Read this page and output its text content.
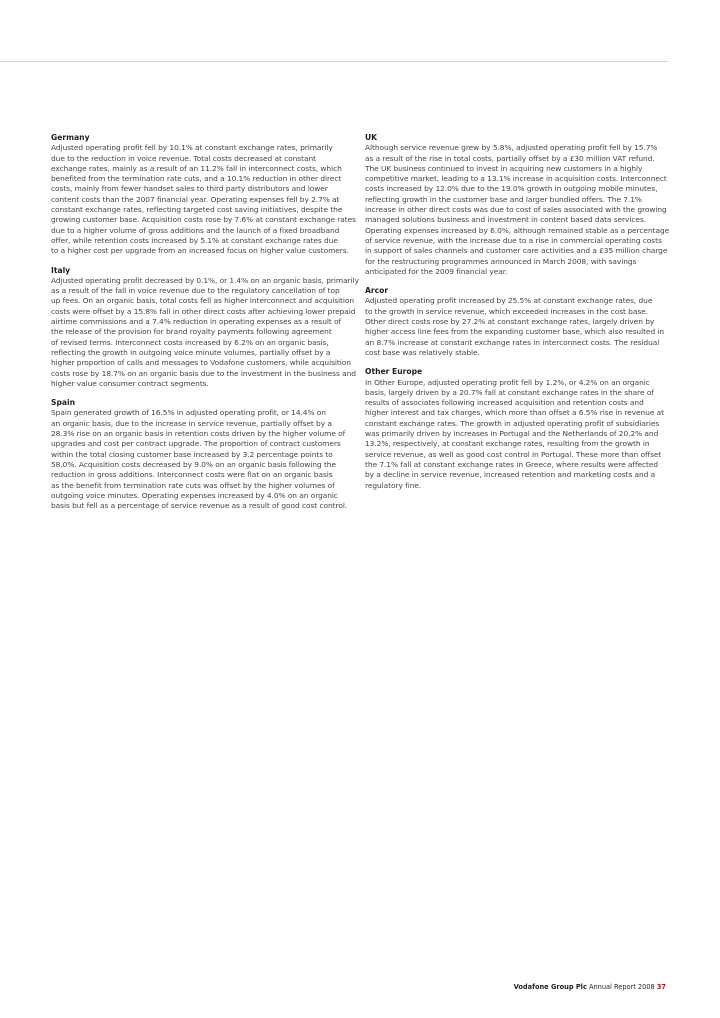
Germany
Adjusted operating profit fell by 10.1% at constant exchange rates, primarily
due to the reduction in voice revenue. Total costs decreased at constant
exchange rates, mainly as a result of an 11.2% fall in interconnect costs, which
benefited from the termination rate cuts, and a 10.1% reduction in other direct
costs, mainly from fewer handset sales to third party distributors and lower
content costs than the 2007 financial year. Operating expenses fell by 2.7% at
constant exchange rates, reflecting targeted cost saving initiatives, despite the
growing customer base. Acquisition costs rose by 7.6% at constant exchange rates
due to a higher volume of gross additions and the launch of a fixed broadband
offer, while retention costs increased by 5.1% at constant exchange rates due
to a higher cost per upgrade from an increased focus on higher value customers.
Italy
Adjusted operating profit decreased by 0.1%, or 1.4% on an organic basis, primarily
as a result of the fall in voice revenue due to the regulatory cancellation of top
up fees. On an organic basis, total costs fell as higher interconnect and acquisition
costs were offset by a 15.8% fall in other direct costs after achieving lower prepaid
airtime commissions and a 7.4% reduction in operating expenses as a result of
the release of the provision for brand royalty payments following agreement
of revised terms. Interconnect costs increased by 6.2% on an organic basis,
reflecting the growth in outgoing voice minute volumes, partially offset by a
higher proportion of calls and messages to Vodafone customers, while acquisition
costs rose by 18.7% on an organic basis due to the investment in the business and
higher value consumer contract segments.
Spain
Spain generated growth of 16.5% in adjusted operating profit, or 14.4% on
an organic basis, due to the increase in service revenue, partially offset by a
28.3% rise on an organic basis in retention costs driven by the higher volume of
upgrades and cost per contract upgrade. The proportion of contract customers
within the total closing customer base increased by 3.2 percentage points to
58.0%. Acquisition costs decreased by 9.0% on an organic basis following the
reduction in gross additions. Interconnect costs were flat on an organic basis
as the benefit from termination rate cuts was offset by the higher volumes of
outgoing voice minutes. Operating expenses increased by 4.0% on an organic
basis but fell as a percentage of service revenue as a result of good cost control.
UK
Although service revenue grew by 5.8%, adjusted operating profit fell by 15.7%
as a result of the rise in total costs, partially offset by a £30 million VAT refund.
The UK business continued to invest in acquiring new customers in a highly
competitive market, leading to a 13.1% increase in acquisition costs. Interconnect
costs increased by 12.0% due to the 19.0% growth in outgoing mobile minutes,
reflecting growth in the customer base and larger bundled offers. The 7.1%
increase in other direct costs was due to cost of sales associated with the growing
managed solutions business and investment in content based data services.
Operating expenses increased by 6.0%, although remained stable as a percentage
of service revenue, with the increase due to a rise in commercial operating costs
in support of sales channels and customer care activities and a £35 million charge
for the restructuring programmes announced in March 2008, with savings
anticipated for the 2009 financial year.
Arcor
Adjusted operating profit increased by 25.5% at constant exchange rates, due
to the growth in service revenue, which exceeded increases in the cost base.
Other direct costs rose by 27.2% at constant exchange rates, largely driven by
higher access line fees from the expanding customer base, which also resulted in
an 8.7% increase at constant exchange rates in interconnect costs. The residual
cost base was relatively stable.
Other Europe
In Other Europe, adjusted operating profit fell by 1.2%, or 4.2% on an organic
basis, largely driven by a 20.7% fall at constant exchange rates in the share of
results of associates following increased acquisition and retention costs and
higher interest and tax charges, which more than offset a 6.5% rise in revenue at
constant exchange rates. The growth in adjusted operating profit of subsidiaries
was primarily driven by increases in Portugal and the Netherlands of 20.2% and
13.2%, respectively, at constant exchange rates, resulting from the growth in
service revenue, as well as good cost control in Portugal. These more than offset
the 7.1% fall at constant exchange rates in Greece, where results were affected
by a decline in service revenue, increased retention and marketing costs and a
regulatory fine.
Vodafone Group Plc Annual Report 2008 37
